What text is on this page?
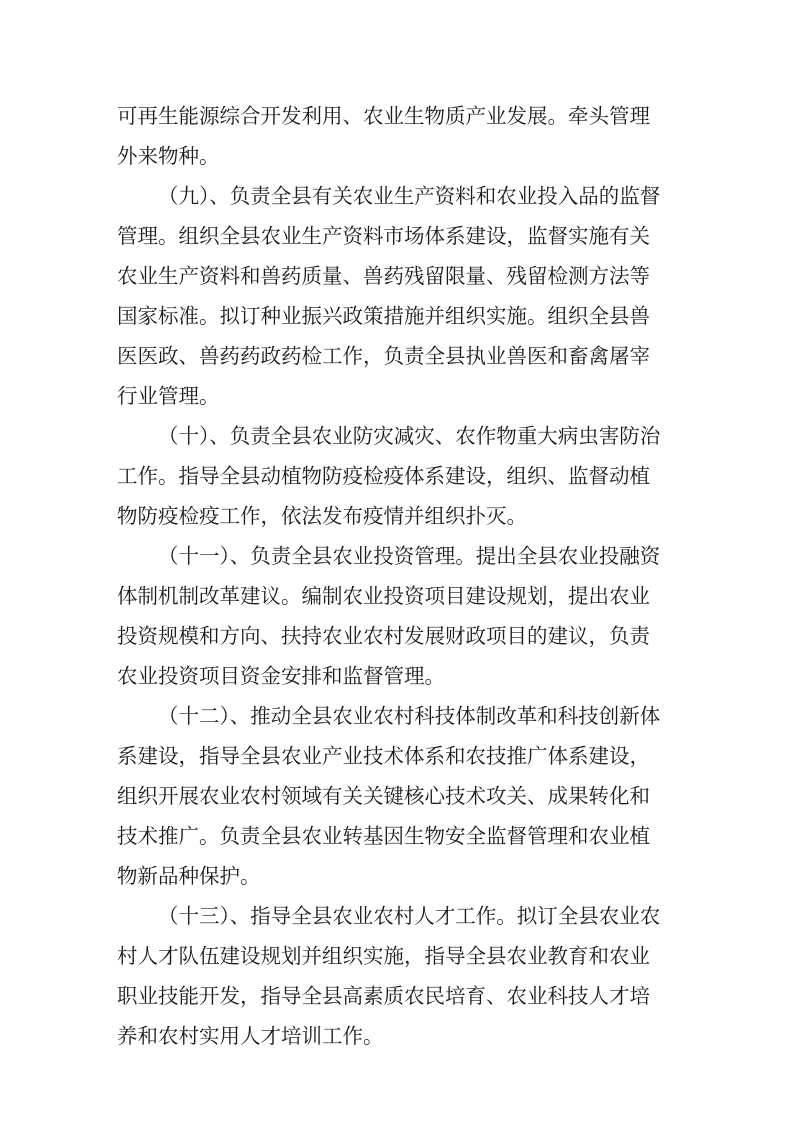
可再生能源综合开发利用、农业生物质产业发展。牵头管理
外来物种。
（九）、负责全县有关农业生产资料和农业投入品的监督
管理。组织全县农业生产资料市场体系建设，监督实施有关
农业生产资料和兽药质量、兽药残留限量、残留检测方法等
国家标准。拟订种业振兴政策措施并组织实施。组织全县兽
医医政、兽药药政药检工作，负责全县执业兽医和畜禽屠宰
行业管理。
（十）、负责全县农业防灾减灾、农作物重大病虫害防治
工作。指导全县动植物防疫检疫体系建设，组织、监督动植
物防疫检疫工作，依法发布疫情并组织扑灭。
（十一）、负责全县农业投资管理。提出全县农业投融资
体制机制改革建议。编制农业投资项目建设规划，提出农业
投资规模和方向、扶持农业农村发展财政项目的建议，负责
农业投资项目资金安排和监督管理。
（十二）、推动全县农业农村科技体制改革和科技创新体
系建设，指导全县农业产业技术体系和农技推广体系建设，
组织开展农业农村领域有关关键核心技术攻关、成果转化和
技术推广。负责全县农业转基因生物安全监督管理和农业植
物新品种保护。
（十三）、指导全县农业农村人才工作。拟订全县农业农
村人才队伍建设规划并组织实施，指导全县农业教育和农业
职业技能开发，指导全县高素质农民培育、农业科技人才培
养和农村实用人才培训工作。
